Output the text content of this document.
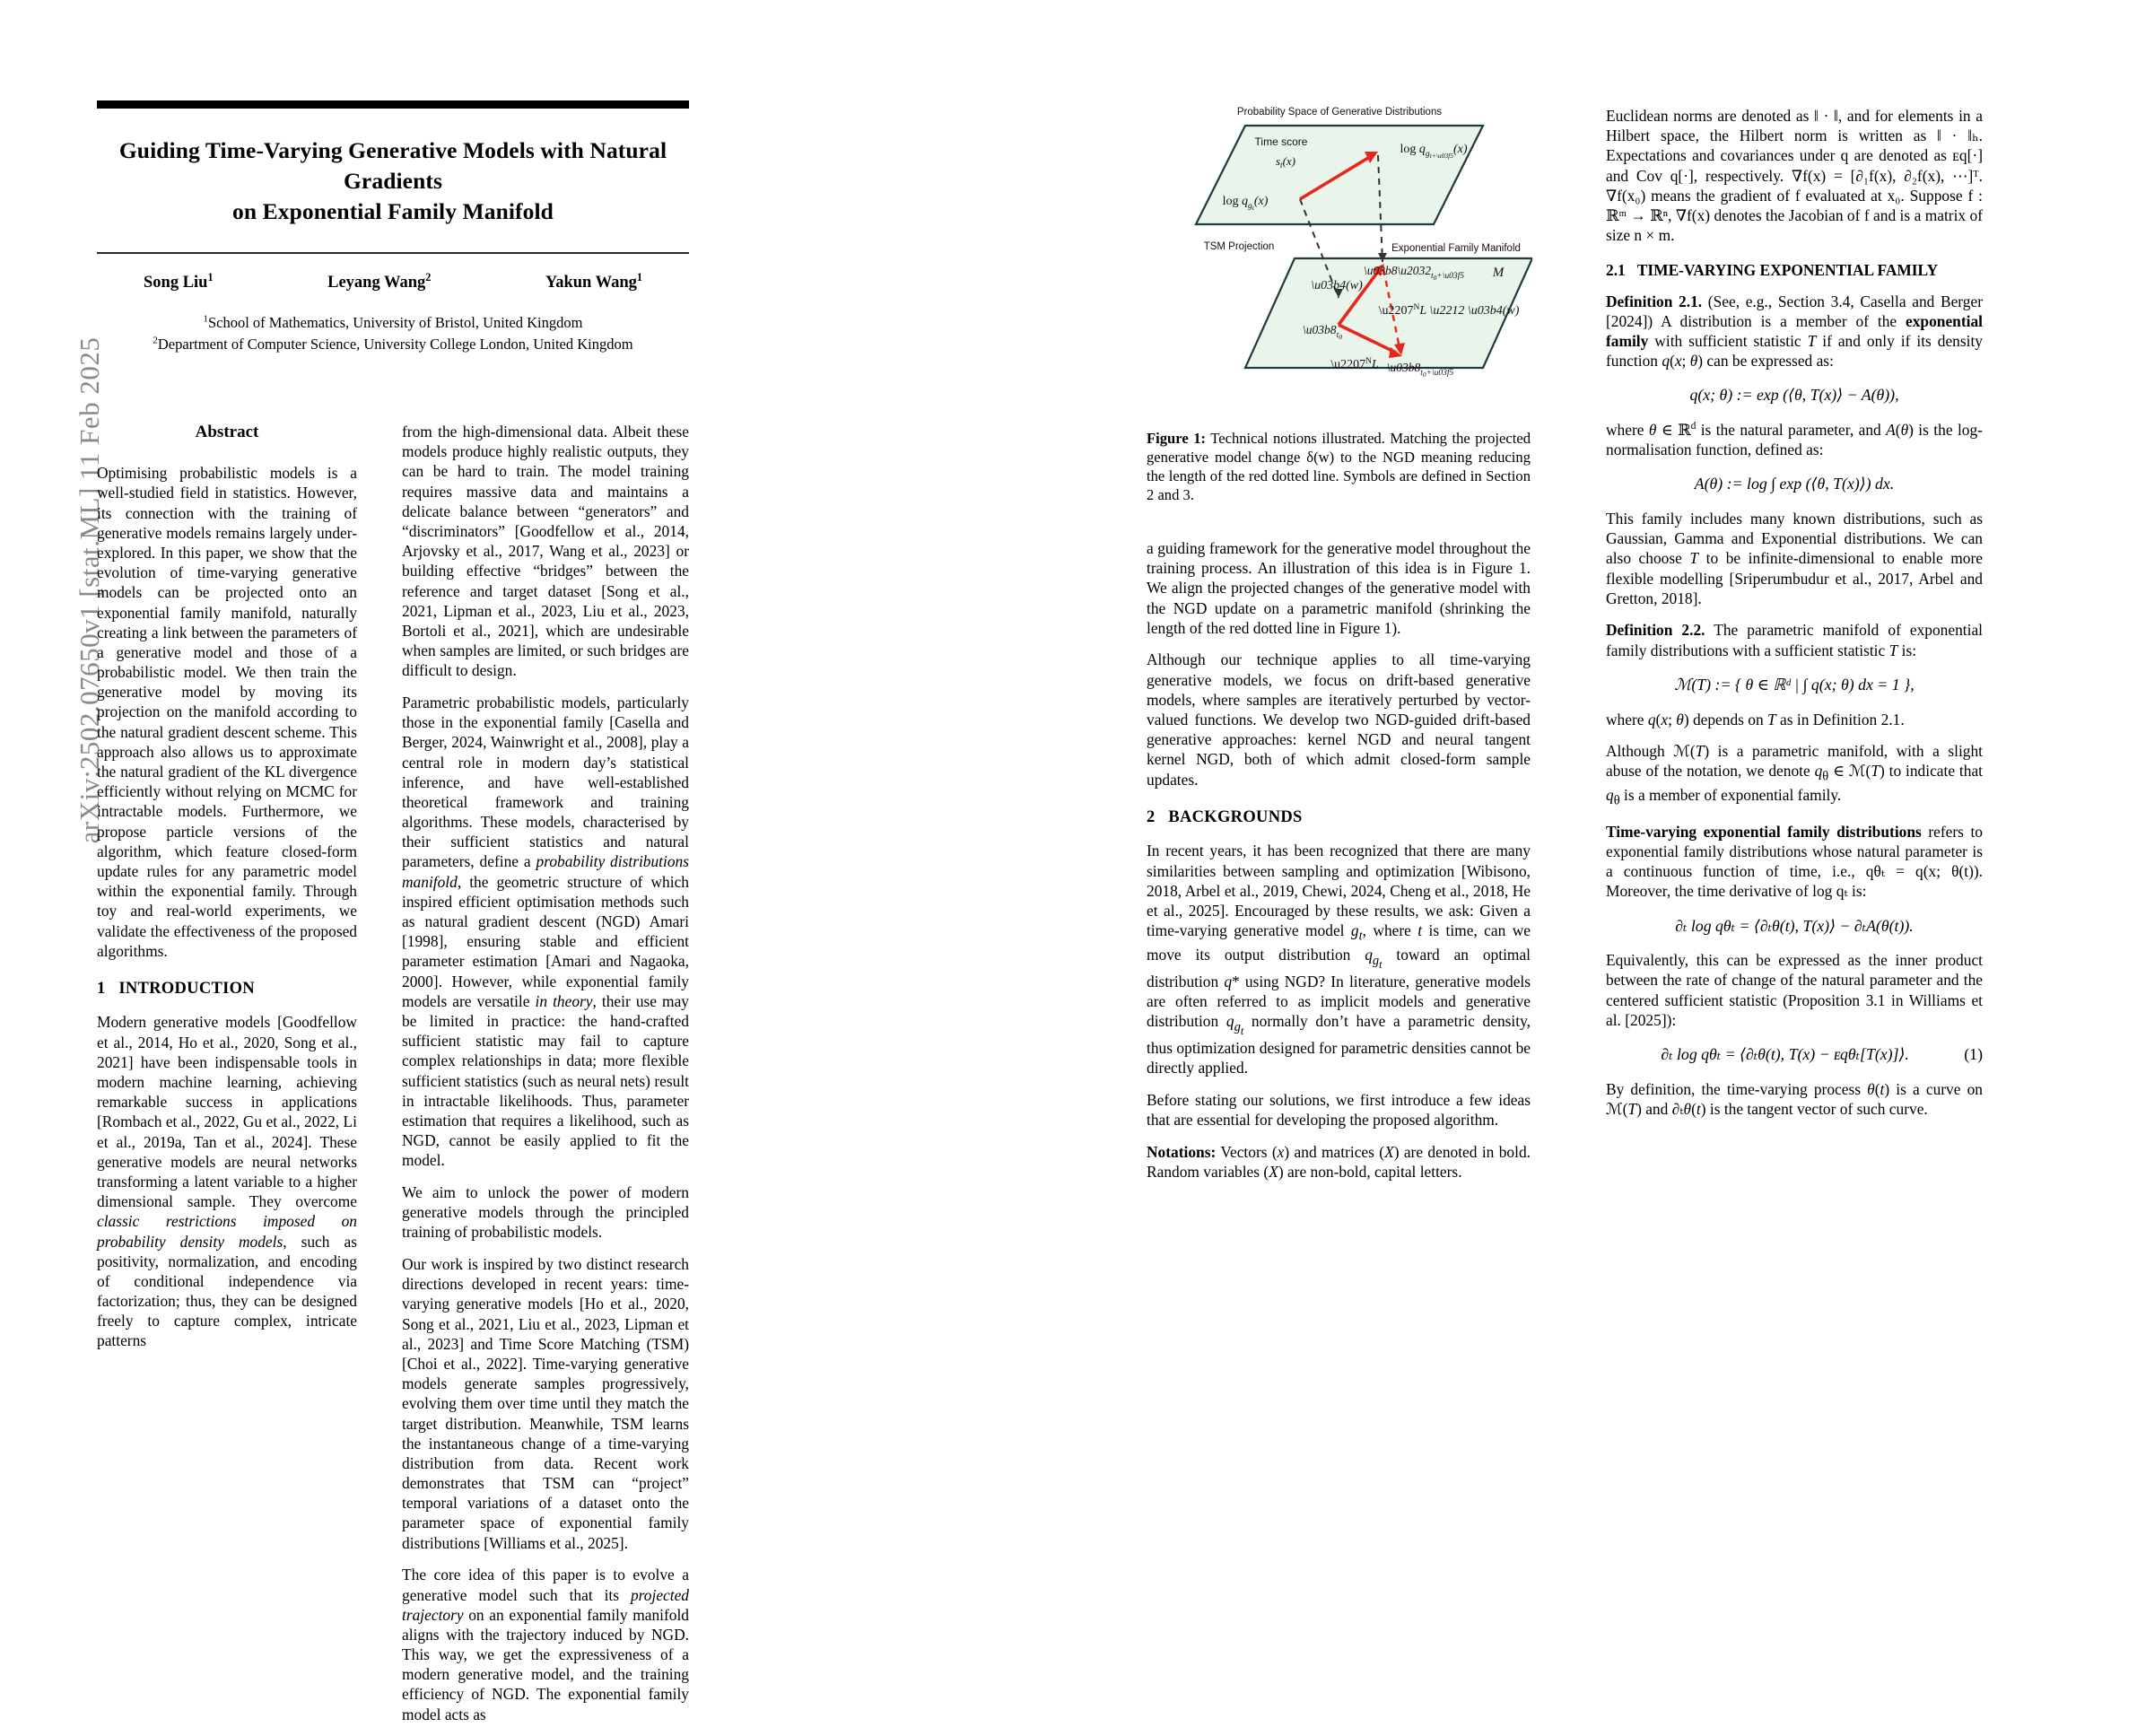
arXiv:2502.07650v1 [stat.ML] 11 Feb 2025
Guiding Time-Varying Generative Models with Natural Gradients
on Exponential Family Manifold
Song Liu$^1$	Leyang Wang$^2$	Yakun Wang$^1$
$^1$School of Mathematics, University of Bristol, United Kingdom
$^2$Department of Computer Science, University College London, United Kingdom
Abstract

Optimising probabilistic models is a well-studied field in statistics. However, its connection with the training of generative models remains largely under-explored. In this paper, we show that the evolution of time-varying generative models can be projected onto an exponential family manifold, naturally creating a link between the parameters of a generative model and those of a probabilistic model. We then train the generative model by moving its projection on the manifold according to the natural gradient descent scheme. This approach also allows us to approximate the natural gradient of the KL divergence efficiently without relying on MCMC for intractable models. Furthermore, we propose particle versions of the algorithm, which feature closed-form update rules for any parametric model within the exponential family. Through toy and real-world experiments, we validate the effectiveness of the proposed algorithms.

1 INTRODUCTION

Modern generative models [Goodfellow et al., 2014, Ho et al., 2020, Song et al., 2021] have been indispensable tools in modern machine learning, achieving remarkable success in applications [Rombach et al., 2022, Gu et al., 2022, Li et al., 2019a, Tan et al., 2024]. These generative models are neural networks transforming a latent variable to a higher dimensional sample. They overcome classic restrictions imposed on probability density models, such as positivity, normalization, and encoding of conditional independence via factorization; thus, they can be designed freely to capture complex, intricate patterns

from the high-dimensional data. Albeit these models produce highly realistic outputs, they can be hard to train. The model training requires massive data and maintains a delicate balance between “generators” and “discriminators” [Goodfellow et al., 2014, Arjovsky et al., 2017, Wang et al., 2023] or building effective “bridges” between the reference and target dataset [Song et al., 2021, Lipman et al., 2023, Liu et al., 2023, Bortoli et al., 2021], which are undesirable when samples are limited, or such bridges are difficult to design.

Parametric probabilistic models, particularly those in the exponential family [Casella and Berger, 2024, Wainwright et al., 2008], play a central role in modern day’s statistical inference, and have well-established theoretical framework and training algorithms. These models, characterised by their sufficient statistics and natural parameters, define a probability distributions manifold, the geometric structure of which inspired efficient optimisation methods such as natural gradient descent (NGD) Amari [1998], ensuring stable and efficient parameter estimation [Amari and Nagaoka, 2000]. However, while exponential family models are versatile in theory, their use may be limited in practice: the hand-crafted sufficient statistic may fail to capture complex relationships in data; more flexible sufficient statistics (such as neural nets) result in intractable likelihoods. Thus, parameter estimation that requires a likelihood, such as NGD, cannot be easily applied to fit the model.

We aim to unlock the power of modern generative models through the principled training of probabilistic models.

Our work is inspired by two distinct research directions developed in recent years: time-varying generative models [Ho et al., 2020, Song et al., 2021, Liu et al., 2023, Lipman et al., 2023] and Time Score Matching (TSM) [Choi et al., 2022]. Time-varying generative models generate samples progressively, evolving them over time until they match the target distribution. Meanwhile, TSM learns the instantaneous change of a time-varying distribution from data. Recent work demonstrates that TSM can “project” temporal variations of a dataset onto the parameter space of exponential family distributions [Williams et al., 2025].

The core idea of this paper is to evolve a generative model such that its projected trajectory on an exponential family manifold aligns with the trajectory induced by NGD. This way, we get the expressiveness of a modern generative model, and the training efficiency of NGD. The exponential family model acts as

Probability Space of Generative Distributions
Time score
$s_t(x)$
$\log q_gt(x)$
$\log q_gt+\backslash u03f5(x)$
TSM Projection	Exponential Family Manifold
$\backslash u03b8_t0$
$\backslash u03b8\backslash u2032_t0+\backslash u03f5$
$\backslash u03b8_t0+\backslash u03f5$
\u03b4(w)
$\backslash u2207^NL$
$\backslash u2207^NL$ \u2212 \u03b4(w)
M
Figure 1: Technical notions illustrated. Matching the projected generative model change δ(w) to the NGD meaning reducing the length of the red dotted line. Symbols are defined in Section 2 and 3.

a guiding framework for the generative model throughout the training process. An illustration of this idea is in Figure 1. We align the projected changes of the generative model with the NGD update on a parametric manifold (shrinking the length of the red dotted line in Figure 1).

Although our technique applies to all time-varying generative models, we focus on drift-based generative models, where samples are iteratively perturbed by vector-valued functions. We develop two NGD-guided drift-based generative approaches: kernel NGD and neural tangent kernel NGD, both of which admit closed-form sample updates.

2 BACKGROUNDS

In recent years, it has been recognized that there are many similarities between sampling and optimization [Wibisono, 2018, Arbel et al., 2019, Chewi, 2024, Cheng et al., 2018, He et al., 2025]. Encouraged by these results, we ask: Given a time-varying generative model $g_t$, where t is time, can we move its output distribution $q_{g_t}$ toward an optimal distribution q* using NGD? In literature, generative models are often referred to as implicit models and generative distribution $q_{g_t}$ normally don’t have a parametric density, thus optimization designed for parametric densities cannot be directly applied.

Before stating our solutions, we first introduce a few ideas that are essential for developing the proposed algorithm.

Notations: Vectors (x) and matrices (X) are denoted in bold. Random variables (X) are non-bold, capital letters.

Euclidean norms are denoted as ‖ · ‖, and for elements in a Hilbert space, the Hilbert norm is written as ‖ · ‖ₕ. Expectations and covariances under q are denoted as ᴇq[·] and Cov q[·], respectively. ∇f(x) = [∂₁f(x), ∂₂f(x), ⋯]ᵀ. ∇f(x₀) means the gradient of f evaluated at x₀. Suppose f : ℝᵐ → ℝⁿ, ∇f(x) denotes the Jacobian of f and is a matrix of size n × m.

2.1 TIME-VARYING EXPONENTIAL FAMILY

Definition 2.1. (See, e.g., Section 3.4, Casella and Berger [2024]) A distribution is a member of the exponential family with sufficient statistic T if and only if its density function q(x; θ) can be expressed as:

q(x; θ) := exp (⟨θ, T(x)⟩ − A(θ)),

where θ ∈ ℝ$^d$ is the natural parameter, and A(θ) is the log-normalisation function, defined as:

A(θ) := log ∫ exp (⟨θ, T(x)⟩) dx.

This family includes many known distributions, such as Gaussian, Gamma and Exponential distributions. We can also choose T to be infinite-dimensional to enable more flexible modelling [Sriperumbudur et al., 2017, Arbel and Gretton, 2018].

Definition 2.2. The parametric manifold of exponential family distributions with a sufficient statistic T is:

ℳ(T) := { θ ∈ ℝᵈ | ∫ q(x; θ) dx = 1 },

where q(x; θ) depends on T as in Definition 2.1.

Although ℳ(T) is a parametric manifold, with a slight abuse of the notation, we denote $q_\theta$ ∈ ℳ(T) to indicate that $q_\theta$ is a member of exponential family.

Time-varying exponential family distributions refers to exponential family distributions whose natural parameter is a continuous function of time, i.e., qθₜ = q(x; θ(t)). Moreover, the time derivative of log qₜ is:

∂ₜ log qθₜ = ⟨∂ₜθ(t), T(x)⟩ − ∂ₜA(θ(t)).

Equivalently, this can be expressed as the inner product between the rate of change of the natural parameter and the centered sufficient statistic (Proposition 3.1 in Williams et al. [2025]):

(1)
∂ₜ log qθₜ = ⟨∂ₜθ(t), T(x) − ᴇqθₜ[T(x)]⟩.

By definition, the time-varying process θ(t) is a curve on ℳ(T) and ∂ₜθ(t) is the tangent vector of such curve.
